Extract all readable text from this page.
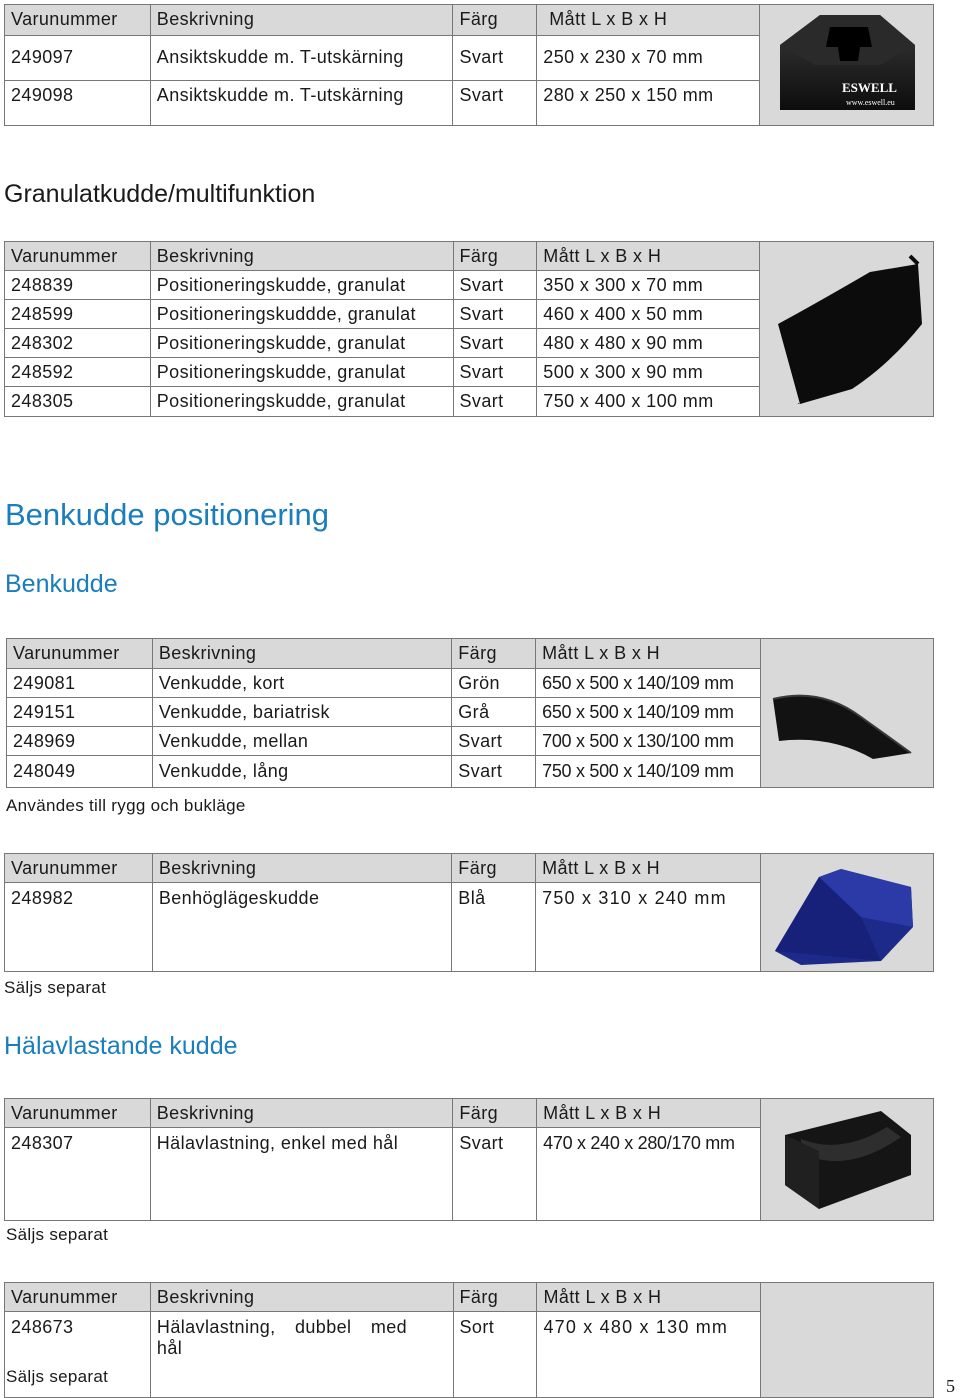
Varunummer	Beskrivning	Färg	Mått L x B x H	

249097	Ansiktskudde m. T-utskärning	Svart	250 x 230 x 70 mm	
249098	Ansiktskudde m. T-utskärning	Svart	280 x 250 x 150 mm		ESWELL
www.eswell.eu
Granulatkudde/multifunktion
Varunummer	Beskrivning	Färg	Mått L x B x H	

248839	Positioneringskudde, granulat	Svart	350 x 300 x 70 mm	
248599	Positioneringskuddde, granulat	Svart	460 x 400 x 50 mm	
248302	Positioneringskudde, granulat	Svart	480 x 480 x 90 mm	
248592	Positioneringskudde, granulat	Svart	500 x 300 x 90 mm	
248305	Positioneringskudde, granulat	Svart	750 x 400 x 100 mm	
Benkudde positionering
Benkudde
Varunummer	Beskrivning	Färg	Mått L x B x H	

249081	Venkudde, kort	Grön	650 x 500 x 140/109 mm	
249151	Venkudde, bariatrisk	Grå	650 x 500 x 140/109 mm	
248969	Venkudde, mellan	Svart	700 x 500 x 130/100 mm	
248049	Venkudde, lång	Svart	750 x 500 x 140/109 mm	
Användes till rygg och bukläge
Varunummer	Beskrivning	Färg	Mått L x B x H	

248982	Benhöglägeskudde	Blå	750 x 310 x 240 mm	
Säljs separat
Hälavlastande kudde
Varunummer	Beskrivning	Färg	Mått L x B x H	

248307	Hälavlastning, enkel med hål	Svart	470 x 240 x 280/170 mm	
Säljs separat
Varunummer	Beskrivning	Färg	Mått L x B x H	
248673	Hälavlastning, dubbel med hål	Sort	470 x 480 x 130 mm	
Säljs separat	5
